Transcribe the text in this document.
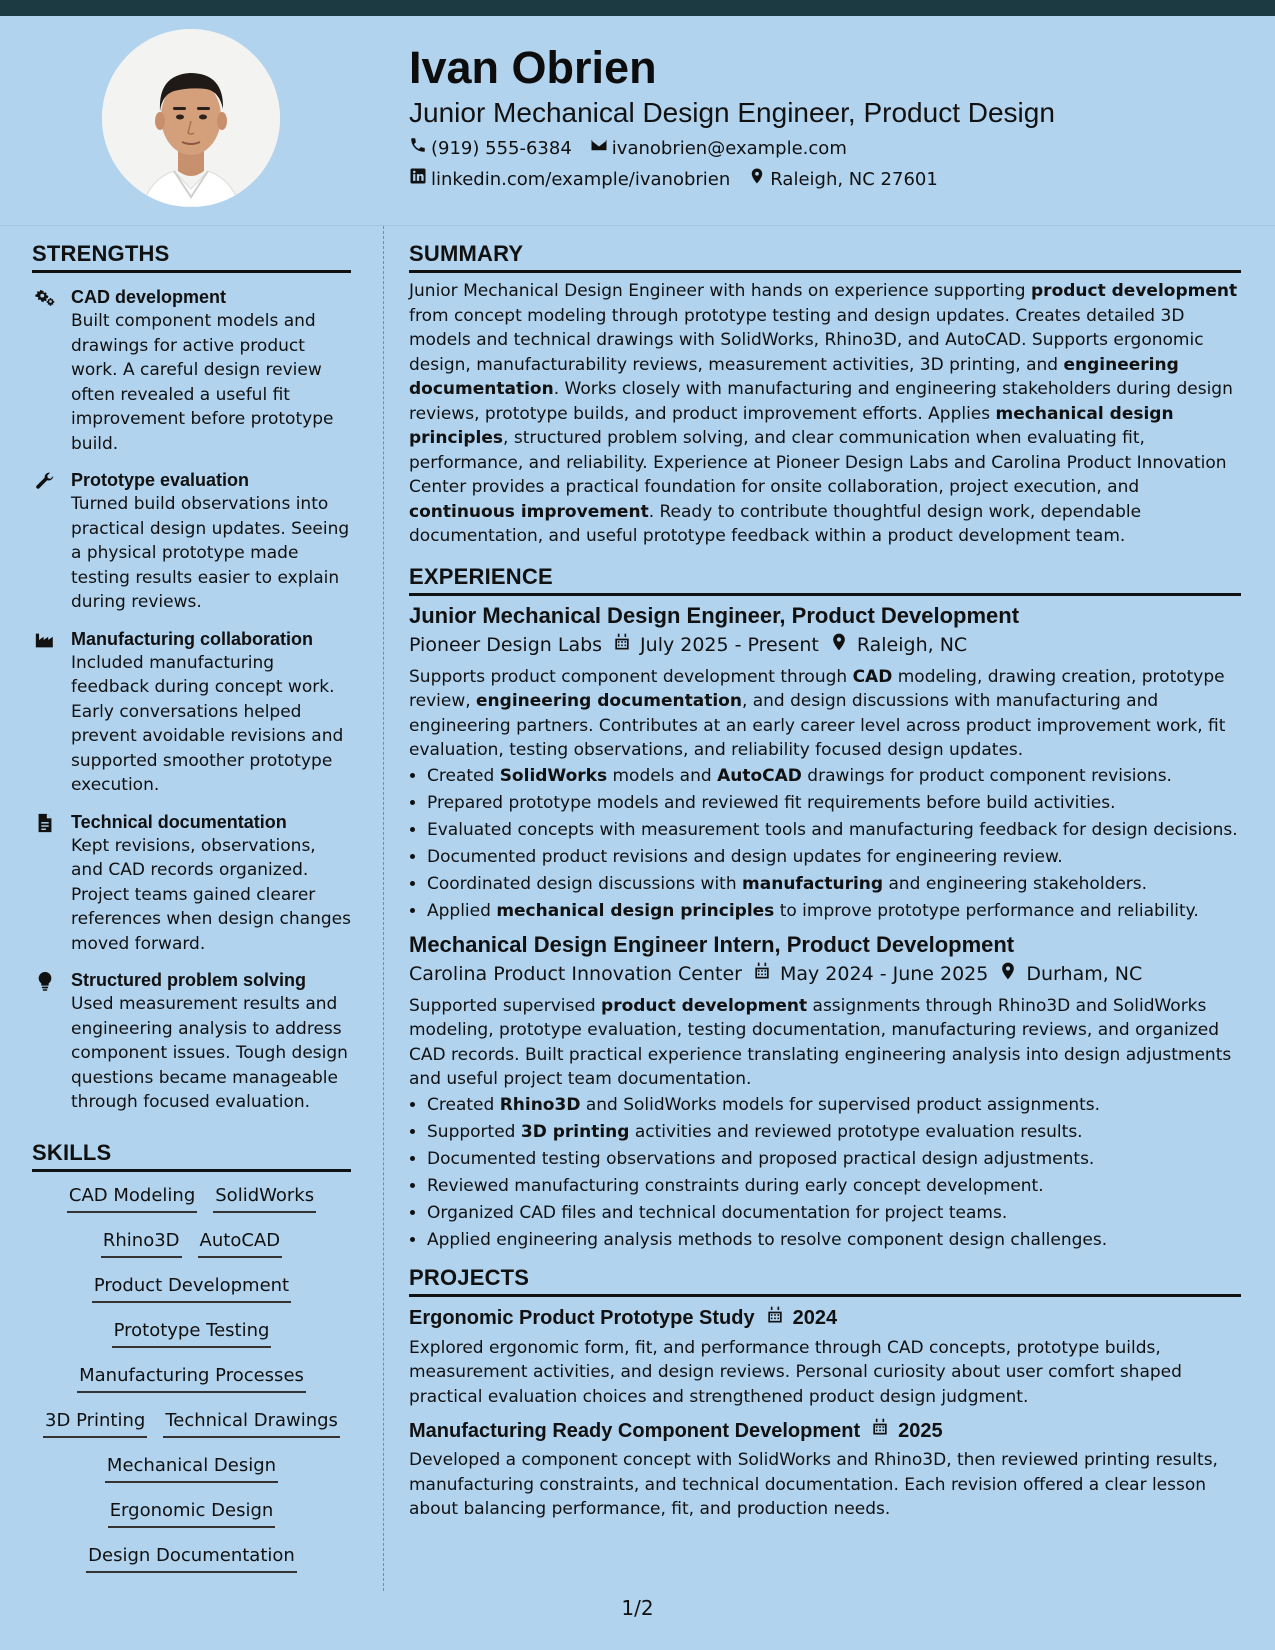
Ivan Obrien
Junior Mechanical Design Engineer, Product Design
(919) 555-6384 ivanobrien@example.com
linkedin.com/example/ivanobrien Raleigh, NC 27601
STRENGTHS
CAD development
Built component models and drawings for active product work. A careful design review often revealed a useful fit improvement before prototype build.
Prototype evaluation
Turned build observations into practical design updates. Seeing a physical prototype made testing results easier to explain during reviews.
Manufacturing collaboration
Included manufacturing feedback during concept work. Early conversations helped prevent avoidable revisions and supported smoother prototype execution.
Technical documentation
Kept revisions, observations, and CAD records organized. Project teams gained clearer references when design changes moved forward.
Structured problem solving
Used measurement results and engineering analysis to address component issues. Tough design questions became manageable through focused evaluation.
SKILLS
CAD Modeling SolidWorks
Rhino3D AutoCAD
Product Development
Prototype Testing
Manufacturing Processes
3D Printing Technical Drawings
Mechanical Design
Ergonomic Design
Design Documentation
SUMMARY
Junior Mechanical Design Engineer with hands on experience supporting product development from concept modeling through prototype testing and design updates. Creates detailed 3D models and technical drawings with SolidWorks, Rhino3D, and AutoCAD. Supports ergonomic design, manufacturability reviews, measurement activities, 3D printing, and engineering documentation. Works closely with manufacturing and engineering stakeholders during design reviews, prototype builds, and product improvement efforts. Applies mechanical design principles, structured problem solving, and clear communication when evaluating fit, performance, and reliability. Experience at Pioneer Design Labs and Carolina Product Innovation Center provides a practical foundation for onsite collaboration, project execution, and continuous improvement. Ready to contribute thoughtful design work, dependable documentation, and useful prototype feedback within a product development team.
EXPERIENCE
Junior Mechanical Design Engineer, Product Development
Pioneer Design Labs July 2025 - Present Raleigh, NC
Supports product component development through CAD modeling, drawing creation, prototype review, engineering documentation, and design discussions with manufacturing and engineering partners. Contributes at an early career level across product improvement work, fit evaluation, testing observations, and reliability focused design updates.
• Created SolidWorks models and AutoCAD drawings for product component revisions.
• Prepared prototype models and reviewed fit requirements before build activities.
• Evaluated concepts with measurement tools and manufacturing feedback for design decisions.
• Documented product revisions and design updates for engineering review.
• Coordinated design discussions with manufacturing and engineering stakeholders.
• Applied mechanical design principles to improve prototype performance and reliability.
Mechanical Design Engineer Intern, Product Development
Carolina Product Innovation Center May 2024 - June 2025 Durham, NC
Supported supervised product development assignments through Rhino3D and SolidWorks modeling, prototype evaluation, testing documentation, manufacturing reviews, and organized CAD records. Built practical experience translating engineering analysis into design adjustments and useful project team documentation.
• Created Rhino3D and SolidWorks models for supervised product assignments.
• Supported 3D printing activities and reviewed prototype evaluation results.
• Documented testing observations and proposed practical design adjustments.
• Reviewed manufacturing constraints during early concept development.
• Organized CAD files and technical documentation for project teams.
• Applied engineering analysis methods to resolve component design challenges.
PROJECTS
Ergonomic Product Prototype Study 2024
Explored ergonomic form, fit, and performance through CAD concepts, prototype builds, measurement activities, and design reviews. Personal curiosity about user comfort shaped practical evaluation choices and strengthened product design judgment.
Manufacturing Ready Component Development 2025
Developed a component concept with SolidWorks and Rhino3D, then reviewed printing results, manufacturing constraints, and technical documentation. Each revision offered a clear lesson about balancing performance, fit, and production needs.
1/2
